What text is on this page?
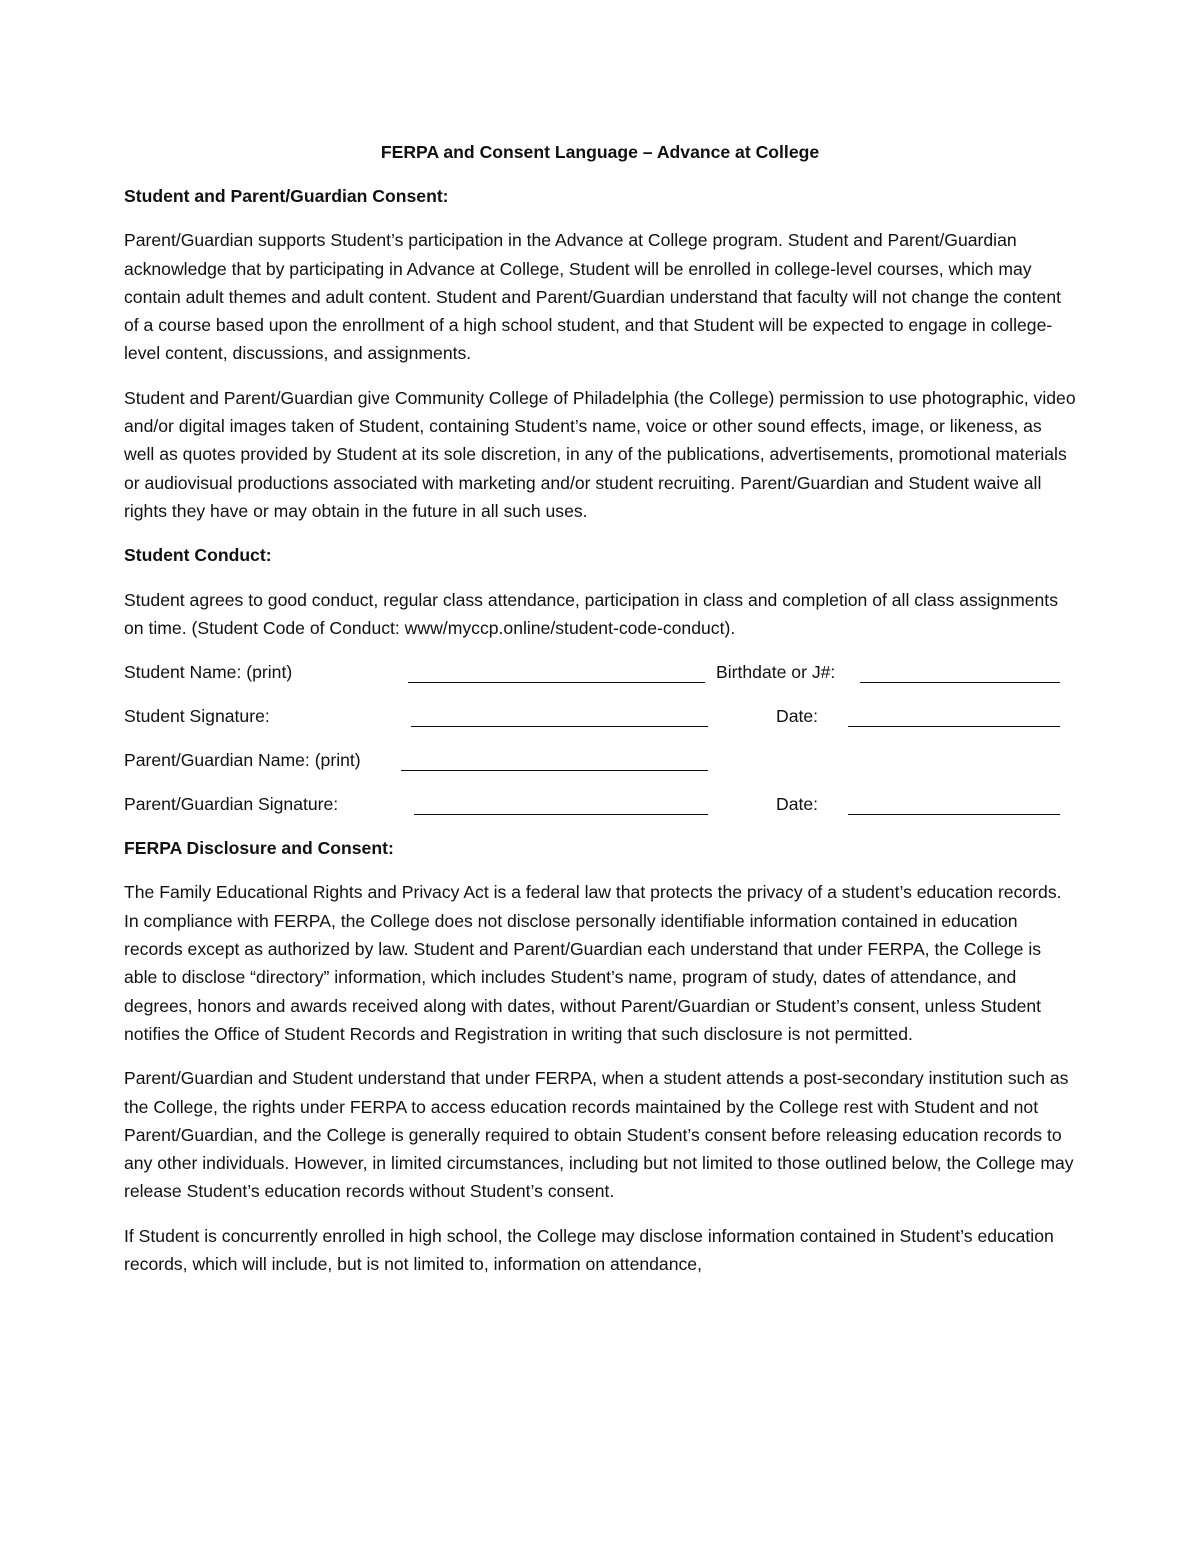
FERPA and Consent Language – Advance at College
Student and Parent/Guardian Consent:

Parent/Guardian supports Student’s participation in the Advance at College program. Student and Parent/Guardian acknowledge that by participating in Advance at College, Student will be enrolled in college-level courses, which may contain adult themes and adult content. Student and Parent/Guardian understand that faculty will not change the content of a course based upon the enrollment of a high school student, and that Student will be expected to engage in college-level content, discussions, and assignments.

Student and Parent/Guardian give Community College of Philadelphia (the College) permission to use photographic, video and/or digital images taken of Student, containing Student’s name, voice or other sound effects, image, or likeness, as well as quotes provided by Student at its sole discretion, in any of the publications, advertisements, promotional materials or audiovisual productions associated with marketing and/or student recruiting. Parent/Guardian and Student waive all rights they have or may obtain in the future in all such uses.

Student Conduct:

Student agrees to good conduct, regular class attendance, participation in class and completion of all class assignments on time. (Student Code of Conduct: www/myccp.online/student-code-conduct).

Student Name: (print)	Birthdate or J#:
Student Signature:	Date:
Parent/Guardian Name: (print)
Parent/Guardian Signature:	Date:
FERPA Disclosure and Consent:

The Family Educational Rights and Privacy Act is a federal law that protects the privacy of a student’s education records. In compliance with FERPA, the College does not disclose personally identifiable information contained in education records except as authorized by law. Student and Parent/Guardian each understand that under FERPA, the College is able to disclose “directory” information, which includes Student’s name, program of study, dates of attendance, and degrees, honors and awards received along with dates, without Parent/Guardian or Student’s consent, unless Student notifies the Office of Student Records and Registration in writing that such disclosure is not permitted.

Parent/Guardian and Student understand that under FERPA, when a student attends a post-secondary institution such as the College, the rights under FERPA to access education records maintained by the College rest with Student and not Parent/Guardian, and the College is generally required to obtain Student’s consent before releasing education records to any other individuals. However, in limited circumstances, including but not limited to those outlined below, the College may release Student’s education records without Student’s consent.

If Student is concurrently enrolled in high school, the College may disclose information contained in Student’s education records, which will include, but is not limited to, information on attendance,
